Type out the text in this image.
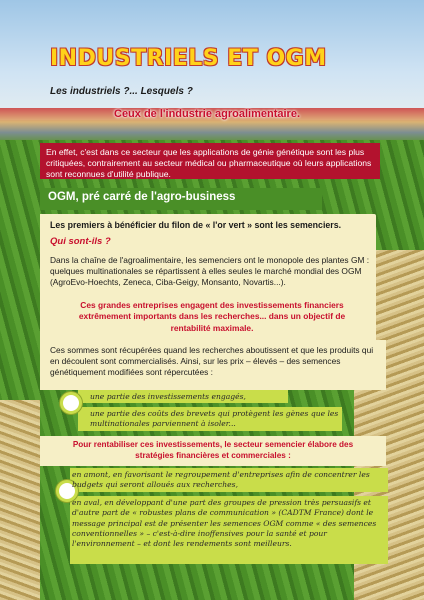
INDUSTRIELS ET OGM
Les industriels ?... Lesquels ?
Ceux de l'industrie agroalimentaire.
En effet, c'est dans ce secteur que les applications de génie génétique sont les plus critiquées, contrairement au secteur médical ou pharmaceutique où leurs applications sont reconnues d'utilité publique.
OGM, pré carré de l'agro-business
Les premiers à bénéficier du filon de « l'or vert » sont les semenciers.
Qui sont-ils ?
Dans la chaîne de l'agroalimentaire, les semenciers ont le monopole des plantes GM : quelques multinationales se répartissent à elles seules le marché mondial des OGM (AgroEvo-Hoechts, Zeneca, Ciba-Geigy, Monsanto, Novartis...).
Ces grandes entreprises engagent des investissements financiers extrêmement importants dans les recherches... dans un objectif de rentabilité maximale.
Ces sommes sont récupérées quand les recherches aboutissent et que les produits qui en découlent sont commercialisés. Ainsi, sur les prix – élevés – des semences génétiquement modifiées sont répercutées :
une partie des investissements engagés,
une partie des coûts des brevets qui protègent les gènes que les multinationales parviennent à isoler...
Pour rentabiliser ces investissements, le secteur semencier élabore des stratégies financières et commerciales :
en amont, en favorisant le regroupement d'entreprises afin de concentrer les budgets qui seront alloués aux recherches,
en aval, en développant d'une part des groupes de pression très persuasifs et d'autre part de « robustes plans de communication » (CADTM France) dont le message principal est de présenter les semences OGM comme « des semences conventionnelles » – c'est-à-dire inoffensives pour la santé et pour l'environnement – et dont les rendements sont meilleurs.
